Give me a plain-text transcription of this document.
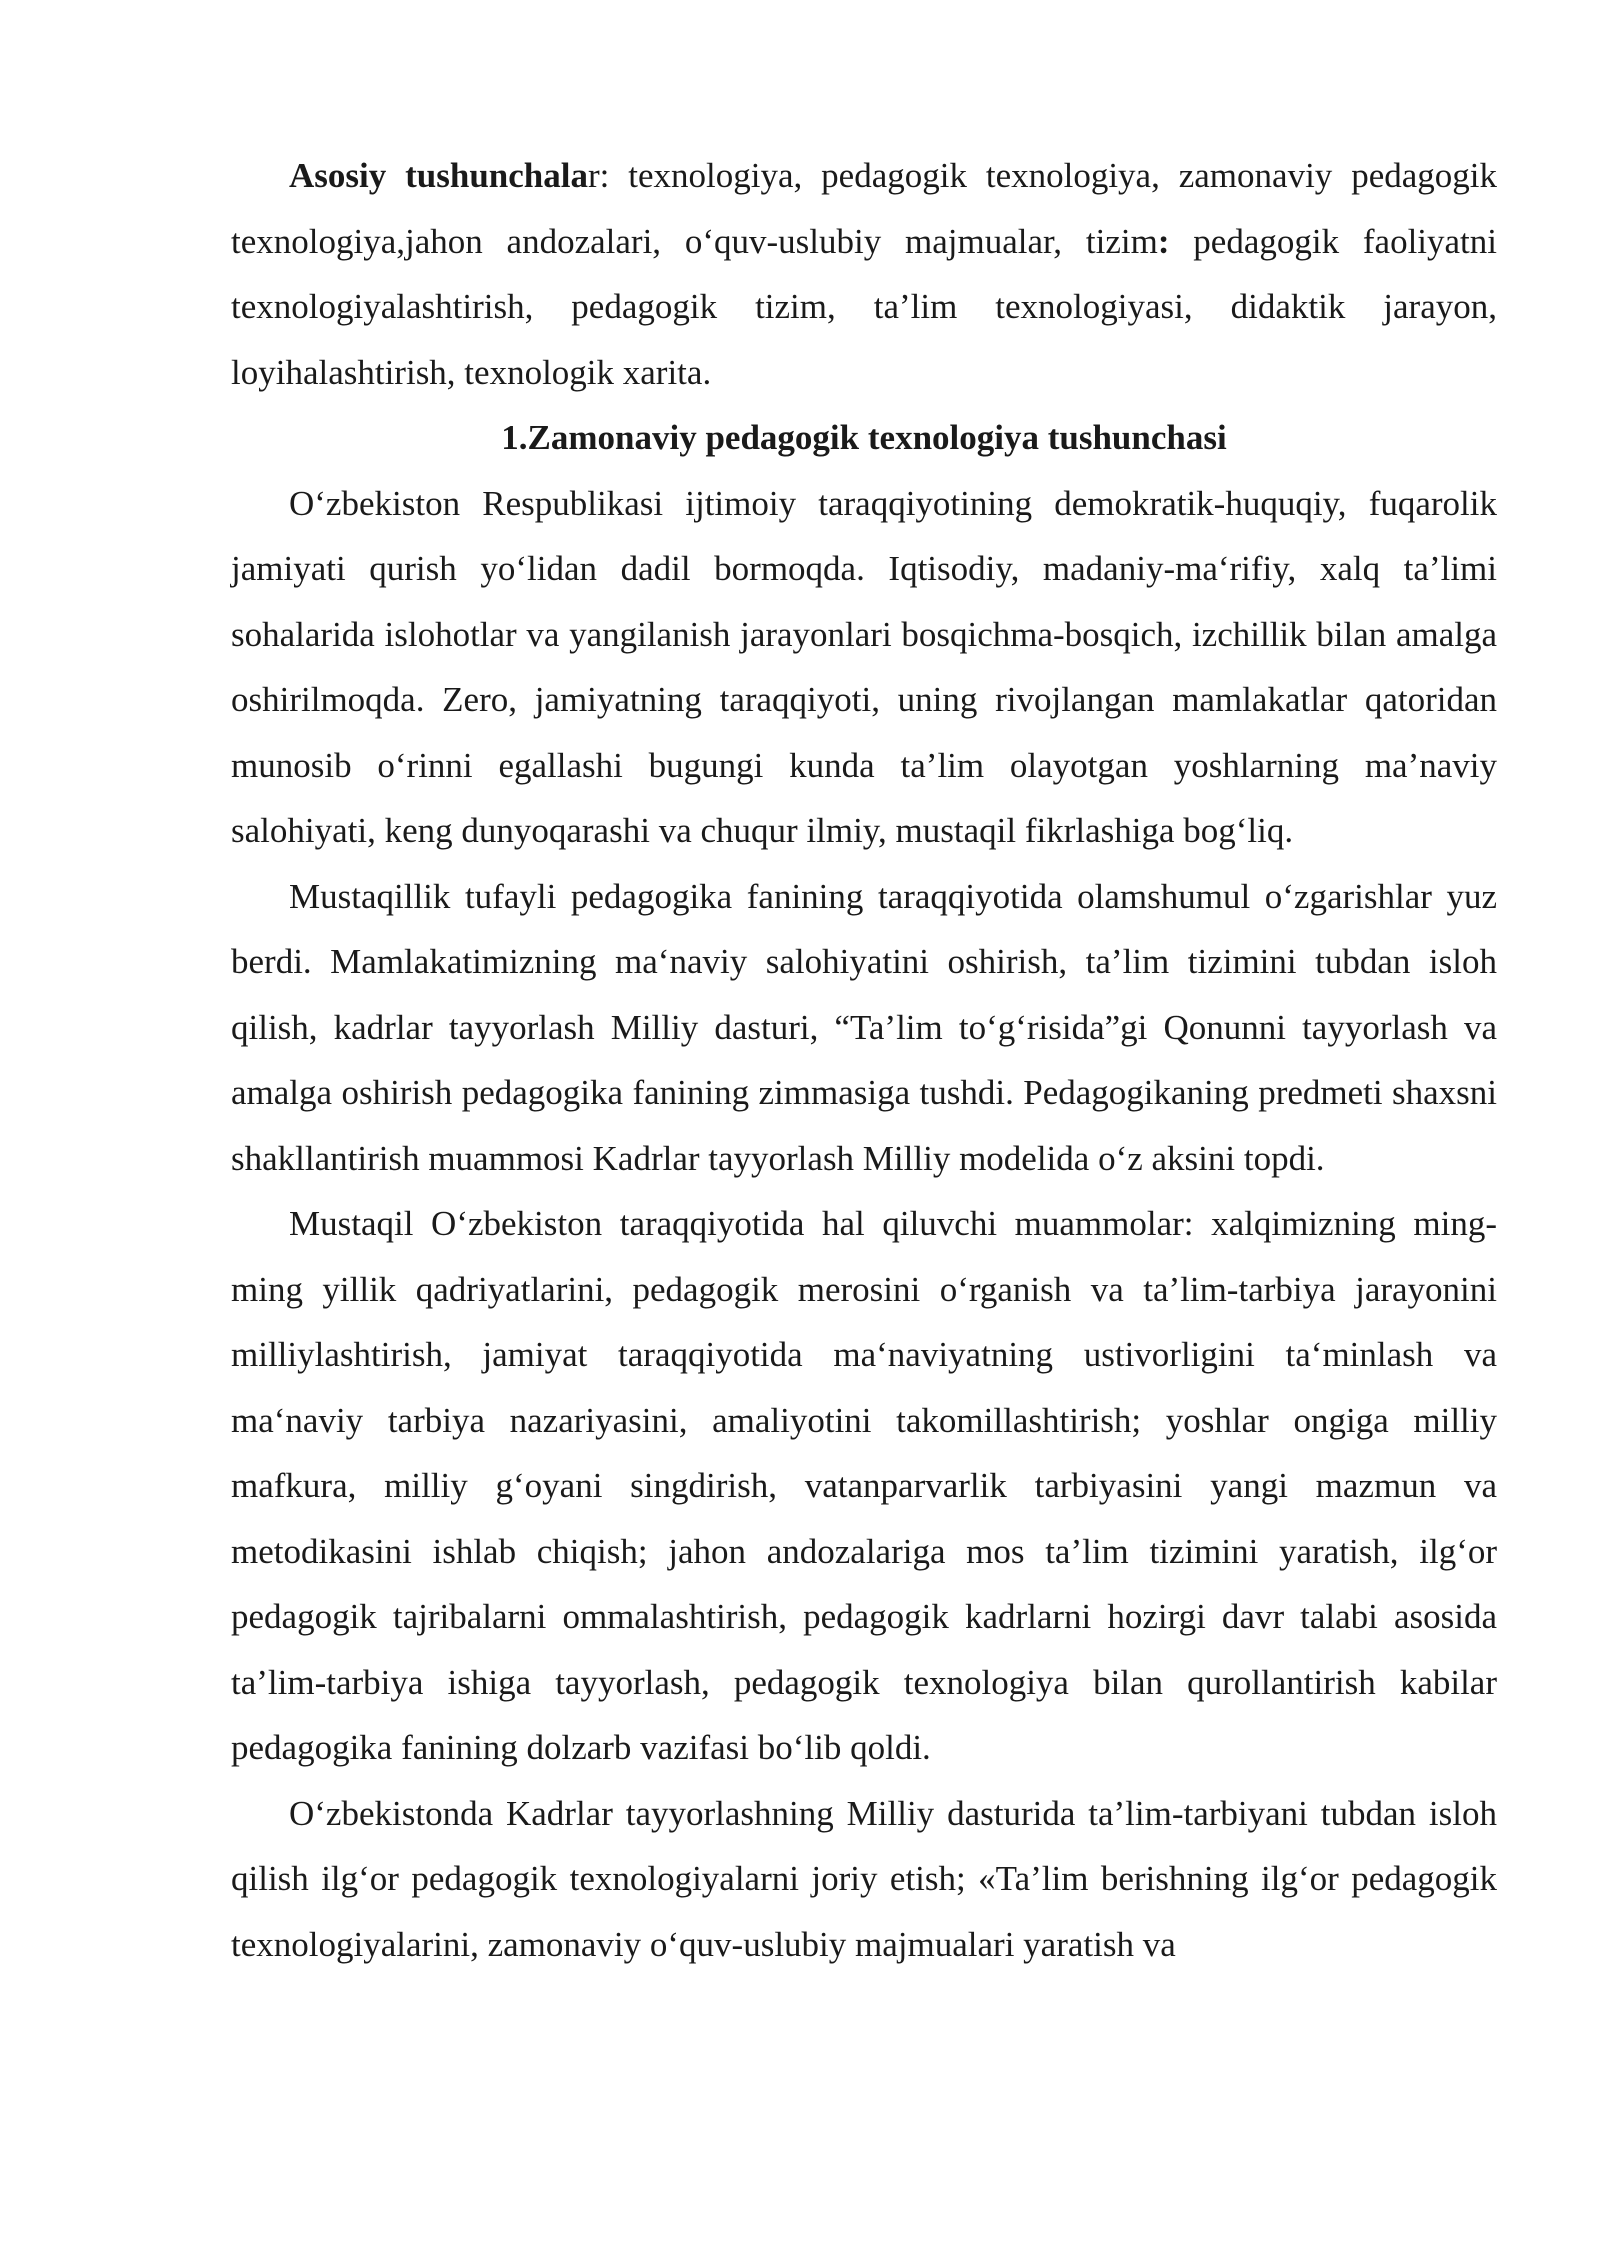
Asosiy tushunchalar: texnologiya, pedagogik texnologiya, zamonaviy pedagogik texnologiya,jahon andozalari, o‘quv-uslubiy majmualar, tizim: pedagogik faoliyatni texnologiyalashtirish, pedagogik tizim, ta’lim texnologiyasi, didaktik jarayon, loyihalashtirish, texnologik xarita.

1.Zamonaviy pedagogik texnologiya tushunchasi

O‘zbekiston Respublikasi ijtimoiy taraqqiyotining demokratik-huquqiy, fuqarolik jamiyati qurish yo‘lidan dadil bormoqda. Iqtisodiy, madaniy-ma‘rifiy, xalq ta’limi sohalarida islohotlar va yangilanish jarayonlari bosqichma-bosqich, izchillik bilan amalga oshirilmoqda. Zero, jamiyatning taraqqiyoti, uning rivojlangan mamlakatlar qatoridan munosib o‘rinni egallashi bugungi kunda ta’lim olayotgan yoshlarning ma’naviy salohiyati, keng dunyoqarashi va chuqur ilmiy, mustaqil fikrlashiga bog‘liq.

Mustaqillik tufayli pedagogika fanining taraqqiyotida olamshumul o‘zgarishlar yuz berdi. Mamlakatimizning ma‘naviy salohiyatini oshirish, ta’lim tizimini tubdan isloh qilish, kadrlar tayyorlash Milliy dasturi, “Ta’lim to‘g‘risida”gi Qonunni tayyorlash va amalga oshirish pedagogika fanining zimmasiga tushdi. Pedagogikaning predmeti shaxsni shakllantirish muammosi Kadrlar tayyorlash Milliy modelida o‘z aksini topdi.

Mustaqil O‘zbekiston taraqqiyotida hal qiluvchi muammolar: xalqimizning ming-ming yillik qadriyatlarini, pedagogik merosini o‘rganish va ta’lim-tarbiya jarayonini milliylashtirish, jamiyat taraqqiyotida ma‘naviyatning ustivorligini ta‘minlash va ma‘naviy tarbiya nazariyasini, amaliyotini takomillashtirish; yoshlar ongiga milliy mafkura, milliy g‘oyani singdirish, vatanparvarlik tarbiyasini yangi mazmun va metodikasini ishlab chiqish; jahon andozalariga mos ta’lim tizimini yaratish, ilg‘or pedagogik tajribalarni ommalashtirish, pedagogik kadrlarni hozirgi davr talabi asosida ta’lim-tarbiya ishiga tayyorlash, pedagogik texnologiya bilan qurollantirish kabilar pedagogika fanining dolzarb vazifasi bo‘lib qoldi.

O‘zbekistonda Kadrlar tayyorlashning Milliy dasturida ta’lim-tarbiyani tubdan isloh qilish ilg‘or pedagogik texnologiyalarni joriy etish; «Ta’lim berishning ilg‘or pedagogik texnologiyalarini, zamonaviy o‘quv-uslubiy majmualari yaratish va
